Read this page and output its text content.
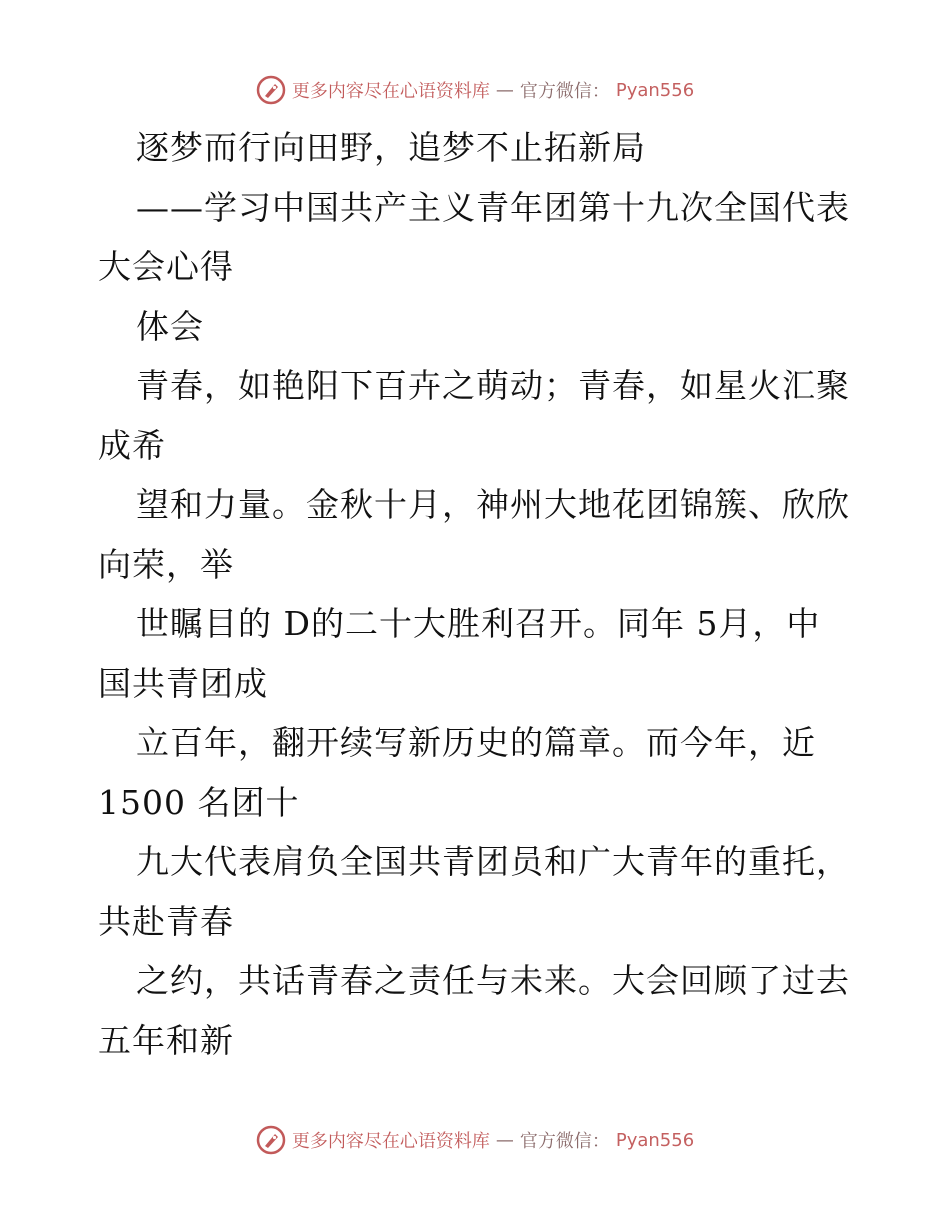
更多内容尽在心语资料库 — 官方微信： Pyan556
逐梦而行向田野，追梦不止拓新局
——学习中国共产主义青年团第十九次全国代表
大会心得
体会
青春，如艳阳下百卉之萌动；青春，如星火汇聚
成希
望和力量。金秋十月，神州大地花团锦簇、欣欣
向荣，举
世瞩目的 D的二十大胜利召开。同年 5月，中
国共青团成
立百年，翻开续写新历史的篇章。而今年，近
1500 名团十
九大代表肩负全国共青团员和广大青年的重托，
共赴青春
之约，共话青春之责任与未来。大会回顾了过去
五年和新
更多内容尽在心语资料库 — 官方微信： Pyan556
